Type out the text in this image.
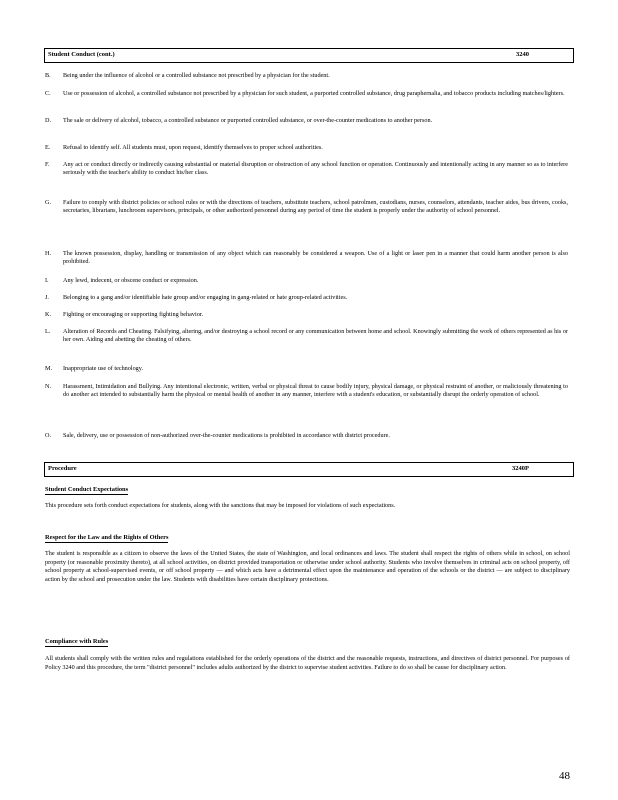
Student Conduct (cont.)	3240
B.	Being under the influence of alcohol or a controlled substance not prescribed by a physician for the student.
C.	Use or possession of alcohol, a controlled substance not prescribed by a physician for such student, a purported controlled substance, drug paraphernalia, and tobacco products including matches/lighters.
D.	The sale or delivery of alcohol, tobacco, a controlled substance or purported controlled substance, or over-the-counter medications to another person.
E.	Refusal to identify self. All students must, upon request, identify themselves to proper school authorities.
F.	Any act or conduct directly or indirectly causing substantial or material disruption or obstruction of any school function or operation. Continuously and intentionally acting in any manner so as to interfere seriously with the teacher's ability to conduct his/her class.
G.	Failure to comply with district policies or school rules or with the directions of teachers, substitute teachers, school patrolmen, custodians, nurses, counselors, attendants, teacher aides, bus drivers, cooks, secretaries, librarians, lunchroom supervisors, principals, or other authorized personnel during any period of time the student is properly under the authority of school personnel.
H.	The known possession, display, handling or transmission of any object which can reasonably be considered a weapon. Use of a light or laser pen in a manner that could harm another person is also prohibited.
I.	Any lewd, indecent, or obscene conduct or expression.
J.	Belonging to a gang and/or identifiable hate group and/or engaging in gang-related or hate group-related activities.
K.	Fighting or encouraging or supporting fighting behavior.
L.	Alteration of Records and Cheating. Falsifying, altering, and/or destroying a school record or any communication between home and school. Knowingly submitting the work of others represented as his or her own. Aiding and abetting the cheating of others.
M.	Inappropriate use of technology.
N.	Harassment, Intimidation and Bullying. Any intentional electronic, written, verbal or physical threat to cause bodily injury, physical damage, or physical restraint of another, or maliciously threatening to do another act intended to substantially harm the physical or mental health of another in any manner, interfere with a student's education, or substantially disrupt the orderly operation of school.
O.	Sale, delivery, use or possession of non-authorized over-the-counter medications is prohibited in accordance with district procedure.
Procedure	3240P
Student Conduct Expectations
This procedure sets forth conduct expectations for students, along with the sanctions that may be imposed for violations of such expectations.
Respect for the Law and the Rights of Others
The student is responsible as a citizen to observe the laws of the United States, the state of Washington, and local ordinances and laws. The student shall respect the rights of others while in school, on school property (or reasonable proximity thereto), at all school activities, on district provided transportation or otherwise under school authority. Students who involve themselves in criminal acts on school property, off school property at school-supervised events, or off school property — and which acts have a detrimental effect upon the maintenance and operation of the schools or the district — are subject to disciplinary action by the school and prosecution under the law. Students with disabilities have certain disciplinary protections.
Compliance with Rules
All students shall comply with the written rules and regulations established for the orderly operations of the district and the reasonable requests, instructions, and directives of district personnel. For purposes of Policy 3240 and this procedure, the term "district personnel" includes adults authorized by the district to supervise student activities. Failure to do so shall be cause for disciplinary action.
48
